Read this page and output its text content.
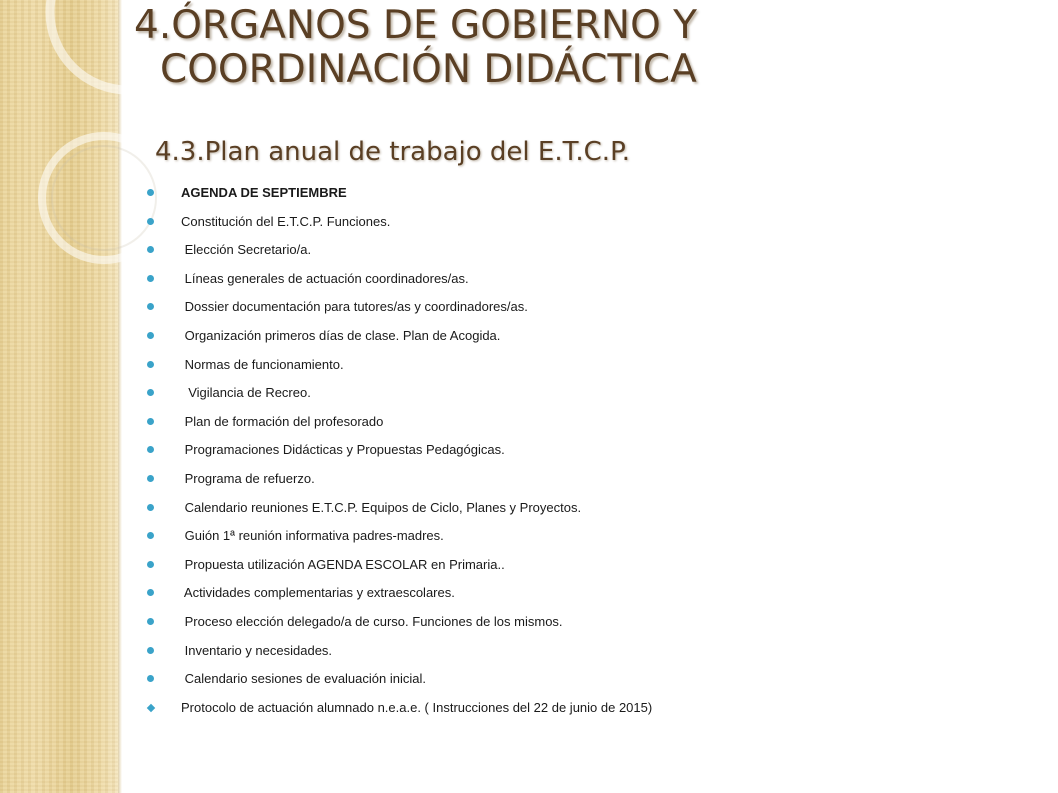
4.ÓRGANOS DE GOBIERNO Y
COORDINACIÓN DIDÁCTICA
4.3.Plan anual de trabajo del E.T.C.P.
AGENDA DE SEPTIEMBRE
Constitución del E.T.C.P. Funciones.
Elección Secretario/a.
Líneas generales de actuación coordinadores/as.
Dossier documentación para tutores/as y coordinadores/as.
Organización primeros días de clase. Plan de Acogida.
Normas de funcionamiento.
Vigilancia de Recreo.
Plan de formación del profesorado
Programaciones Didácticas y Propuestas Pedagógicas.
Programa de refuerzo.
Calendario reuniones E.T.C.P. Equipos de Ciclo, Planes y Proyectos.
Guión 1ª reunión informativa padres-madres.
Propuesta utilización AGENDA ESCOLAR en Primaria..
Actividades complementarias y extraescolares.
Proceso elección delegado/a de curso. Funciones de los mismos.
Inventario y necesidades.
Calendario sesiones de evaluación inicial.
Protocolo de actuación alumnado n.e.a.e. ( Instrucciones del 22 de junio de 2015)
